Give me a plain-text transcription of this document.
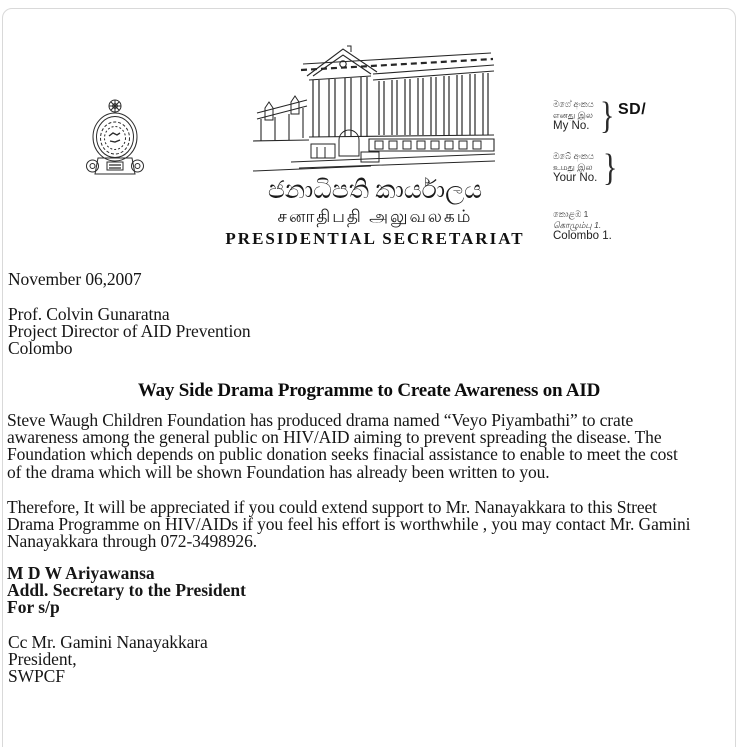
ජනාධිපති කාර්යාලය
சனாதிபதி அலுவலகம்
PRESIDENTIAL SECRETARIAT
මගේ අංකය
எனது இல
My No. } SD/
ඔබේ අංකය
உமது இல
Your No. }
කොළඹ 1
கொழும்பு 1.
Colombo 1.
November 06,2007
Prof. Colvin Gunaratna
Project Director of AID Prevention
Colombo
Way Side Drama Programme to Create Awareness on AID
Steve Waugh Children Foundation has produced drama named “Veyo Piyambathi” to crate
awareness among the general public on HIV/AID aiming to prevent spreading the disease. The
Foundation which depends on public donation seeks finacial assistance to enable to meet the cost
of the drama which will be shown Foundation has already been written to you.
Therefore, It will be appreciated if you could extend support to Mr. Nanayakkara to this Street
Drama Programme on HIV/AIDs if you feel his effort is worthwhile , you may contact Mr. Gamini
Nanayakkara through 072-3498926.
M D W Ariyawansa
Addl. Secretary to the President
For s/p
Cc Mr. Gamini Nanayakkara
President,
SWPCF
